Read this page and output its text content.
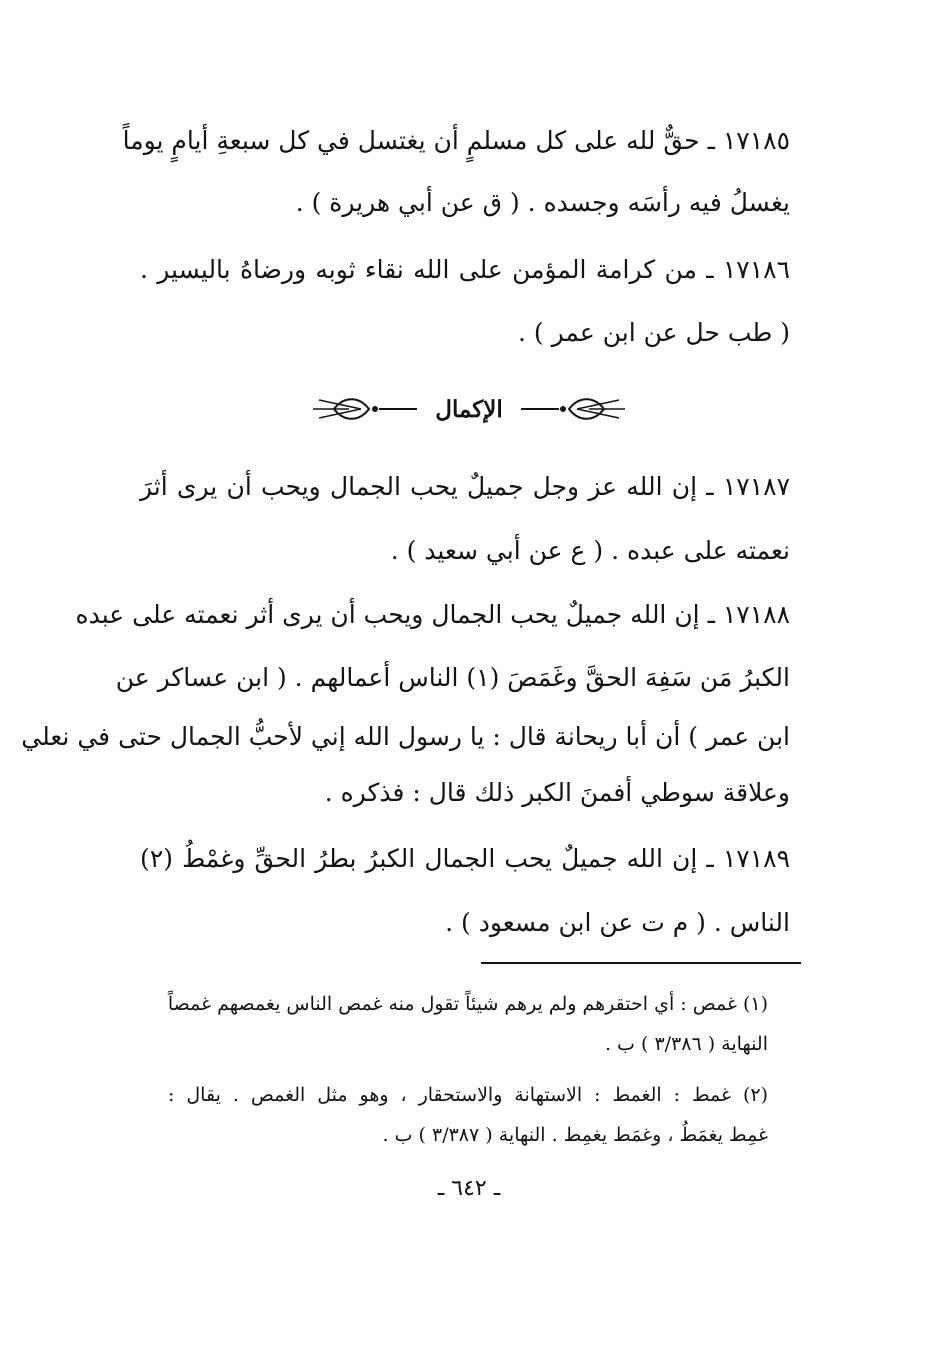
١٧١٨٥ ـ حقٌّ لله على كل مسلمٍ أن يغتسل في كل سبعةِ أيامٍ يوماً
يغسلُ فيه رأسَه وجسده . ( ق عن أبي هريرة ) .
١٧١٨٦ ـ من كرامة المؤمن على الله نقاء ثوبه ورضاهُ باليسير .
( طب حل عن ابن عمر ) .
الإكمال
١٧١٨٧ ـ إن الله عز وجل جميلٌ يحب الجمال ويحب أن يرى أثرَ
نعمته على عبده . ( ع عن أبي سعيد ) .
١٧١٨٨ ـ إن الله جميلٌ يحب الجمال ويحب أن يرى أثر نعمته على عبده
الكبرُ مَن سَفِهَ الحقَّ وغَمَصَ (١) الناس أعمالهم . ( ابن عساكر عن
ابن عمر ) أن أبا ريحانة قال : يا رسول الله إني لأحبُّ الجمال حتى في نعلي
وعلاقة سوطي أفمنَ الكبر ذلك قال : فذكره .
١٧١٨٩ ـ إن الله جميلٌ يحب الجمال الكبرُ بطرُ الحقِّ وغمْطُ (٢)
الناس . ( م ت عن ابن مسعود ) .
(١) غمص : أي احتقرهم ولم يرهم شيئاً تقول منه غمص الناس يغمصهم غمصاً
النهاية ( ٣/٣٨٦ ) ب .
(٢) غمط : الغمط : الاستهانة والاستحقار ، وهو مثل الغمص . يقال :
غمِط يغمَطُ ، وغمَط يغمِط . النهاية ( ٣/٣٨٧ ) ب .
ـ ٦٤٢ ـ
